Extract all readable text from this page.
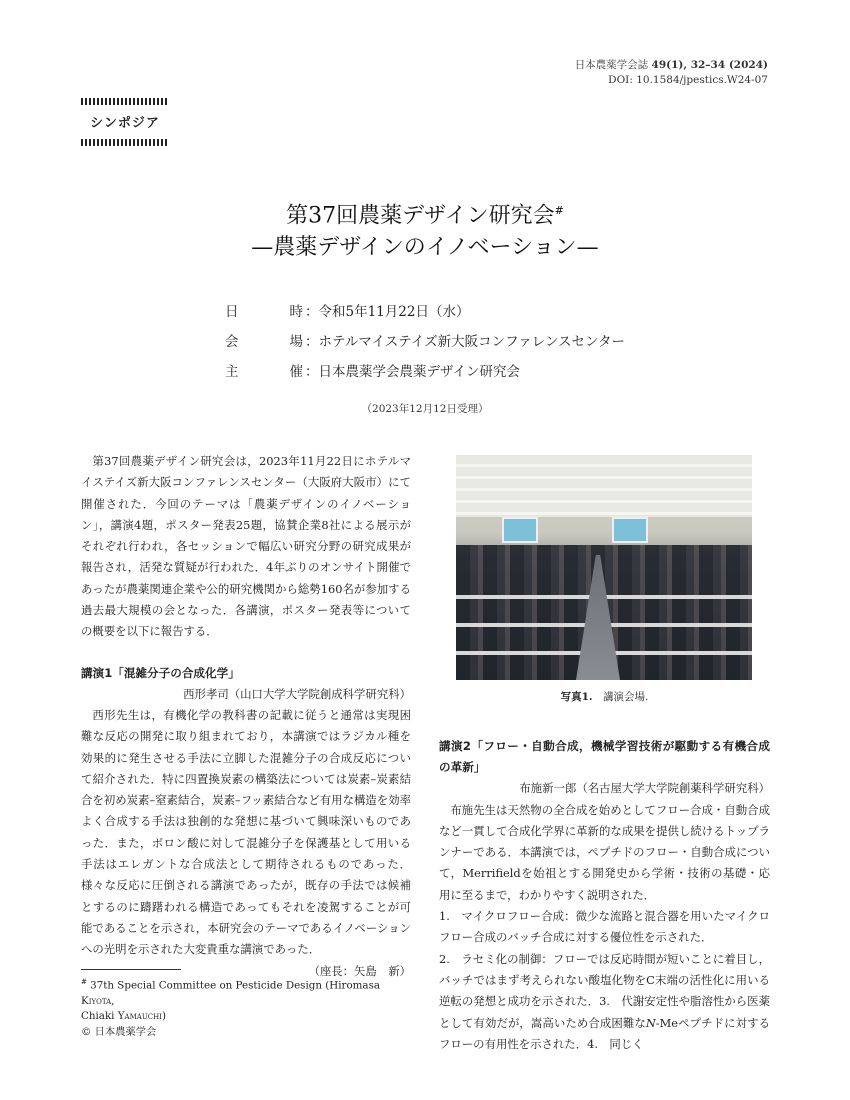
日本農薬学会誌 49(1), 32–34 (2024)
DOI: 10.1584/jpestics.W24-07
シンポジア
第37回農薬デザイン研究会#
—農薬デザインのイノベーション—
日	時 ：令和5年11月22日（水）
会	場 ：ホテルマイステイズ新大阪コンファレンスセンター
主	催 ：日本農薬学会農薬デザイン研究会
（2023年12月12日受理）

第37回農薬デザイン研究会は，2023年11月22日にホテルマイステイズ新大阪コンファレンスセンター（大阪府大阪市）にて開催された．今回のテーマは「農薬デザインのイノベーション」，講演4題，ポスター発表25題，協賛企業8社による展示がそれぞれ行われ，各セッションで幅広い研究分野の研究成果が報告され，活発な質疑が行われた．4年ぶりのオンサイト開催であったが農薬関連企業や公的研究機関から総勢160名が参加する過去最大規模の会となった．各講演，ポスター発表等についての概要を以下に報告する．

講演1「混雑分子の合成化学」
西形孝司（山口大学大学院創成科学研究科）

西形先生は，有機化学の教科書の記載に従うと通常は実現困難な反応の開発に取り組まれており，本講演ではラジカル種を効果的に発生させる手法に立脚した混雑分子の合成反応について紹介された．特に四置換炭素の構築法については炭素–炭素結合を初め炭素–窒素結合，炭素–フッ素結合など有用な構造を効率よく合成する手法は独創的な発想に基づいて興味深いものであった．また，ボロン酸に対して混雑分子を保護基として用いる手法はエレガントな合成法として期待されるものであった．様々な反応に圧倒される講演であったが，既存の手法では候補とするのに躊躇われる構造であってもそれを凌駕することが可能であることを示され，本研究会のテーマであるイノベーションへの光明を示された大変貴重な講演であった．

（座長：矢島　新）
写真1.　 講演会場.
講演2「フロー・自動合成，機械学習技術が駆動する有機合成の革新」
布施新一郎（名古屋大学大学院創薬科学研究科）

布施先生は天然物の全合成を始めとしてフロー合成・自動合成など一貫して合成化学界に革新的な成果を提供し続けるトップランナーである．本講演では，ペプチドのフロー・自動合成について，Merrifieldを始祖とする開発史から学術・技術の基礎・応用に至るまで，わかりやすく説明された．

1.　マイクロフロー合成：微少な流路と混合器を用いたマイクロフロー合成のバッチ合成に対する優位性を示された．

2.　ラセミ化の制御：フローでは反応時間が短いことに着目し，バッチではまず考えられない酸塩化物をC末端の活性化に用いる逆転の発想と成功を示された．3.　代謝安定性や脂溶性から医薬として有効だが，嵩高いため合成困難なN-Meペプチドに対するフローの有用性を示された．4.　同じく

# 37th Special Committee on Pesticide Design (Hiromasa Kiyota,
Chiaki Yamauchi)
© 日本農薬学会
